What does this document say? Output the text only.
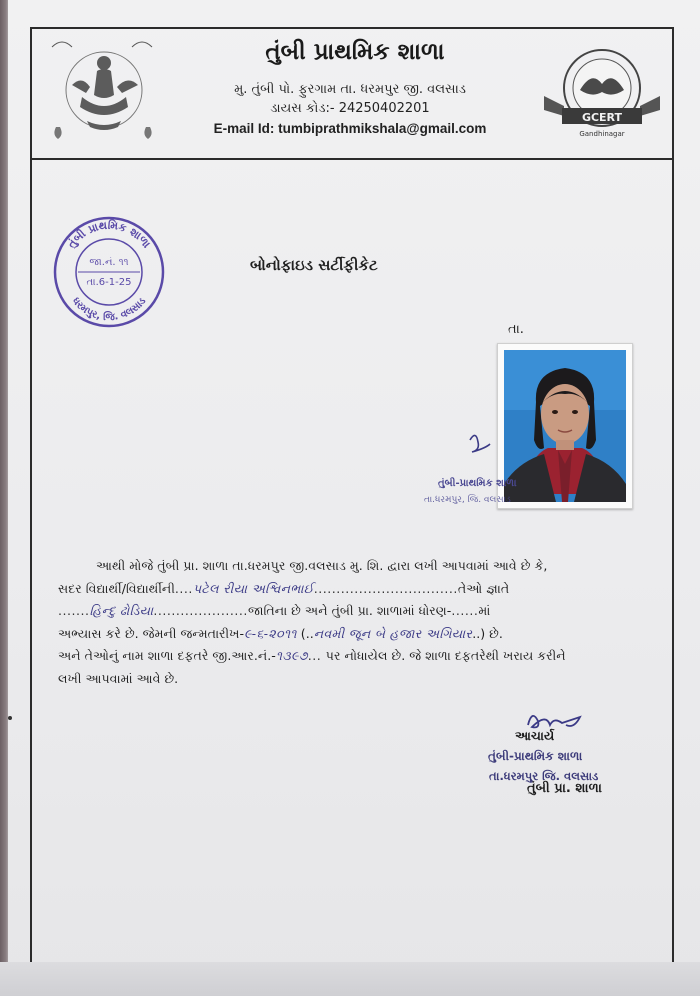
તુંબી પ્રાથમિક શાળા
મુ. તુંબી પો. ફુરગામ તા. ધરમપુર જી. વલસાડ
ડાયસ કોડ:- 24250402201
E-mail Id: tumbiprathmikshala@gmail.com
GCERT
Gandhinagar
તુંબી પ્રાથમિક શાળા
ધરમપુર, જિ. વલસાડ
જા.નં. ૧૧
તા.6-1-25
બોનોફાઇડ સર્ટીફીકેટ
તા.
તુંબી-પ્રાથમિક શાળા
તા.ધરમપુર, જિ. વલસાડ
આથી મોજે તુંબી પ્રા. શાળા તા.ધરમપુર જી.વલસાડ મુ. શિ. દ્વારા લખી આપવામાં આવે છે કે,
સદર વિદ્યાર્થી/વિદ્યાર્થીની....પટેલ રીયા અશ્વિનભાઈ................................તેઓ જ્ઞાતે
.......હિન્દુ ઢોડિયા.....................જાતિના છે અને તુંબી પ્રા. શાળામાં ધોરણ-......માં
અભ્યાસ કરે છે. જેમની જન્મતારીખ-૯-૬-૨૦૧૧ (..નવમી જૂન બે હજાર અગિયાર..) છે.
અને તેઓનું નામ શાળા દફતરે જી.આર.નં.-૧૩૯૭... પર નોધાયેલ છે. જે શાળા દફતરેથી ખરાય કરીને
લખી આપવામાં આવે છે.
આચાર્ય
તુંબી-પ્રાથમિક શાળા
તા.ધરમપુર જિ. વલસાડ
તુંબી પ્રા. શાળા
